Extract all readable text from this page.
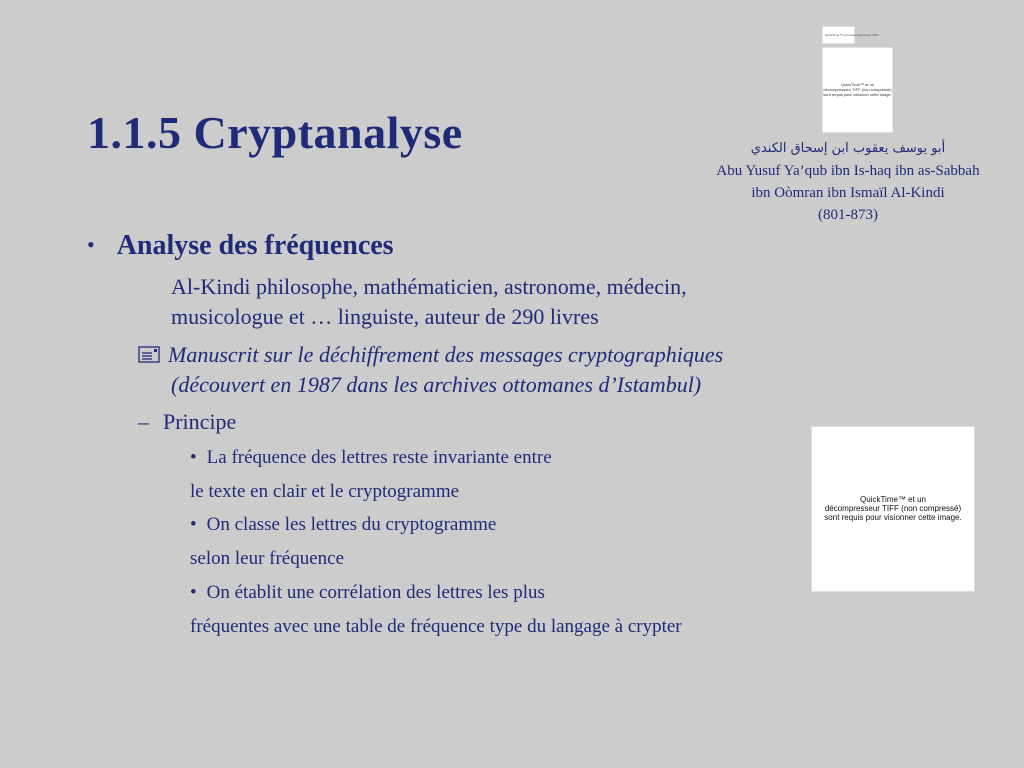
QuickTime™ et un décompresseur TIFF
QuickTime™ et un
décompresseur TIFF (non compressé)
sont requis pour visionner cette image.
QuickTime™ et un
décompresseur TIFF (non compressé)
sont requis pour visionner cette image.
1.1.5 Cryptanalyse	أبو يوسف يعقوب ابن إسحاق الكندي
Abu Yusuf Ya’qub ibn Is-haq ibn as-Sabbah
ibn Oòmran ibn Ismaïl Al-Kindi
(801-873)
• Analyse des fréquences
Al-Kindi philosophe, mathématicien, astronome, médecin,
musicologue et … linguiste, auteur de 290 livres
Manuscrit sur le déchiffrement des messages cryptographiques
(découvert en 1987 dans les archives ottomanes d’Istambul)
– Principe
• La fréquence des lettres reste invariante entre
le texte en clair et le cryptogramme
• On classe les lettres du cryptogramme
selon leur fréquence
• On établit une corrélation des lettres les plus
fréquentes avec une table de fréquence type du langage à crypter
